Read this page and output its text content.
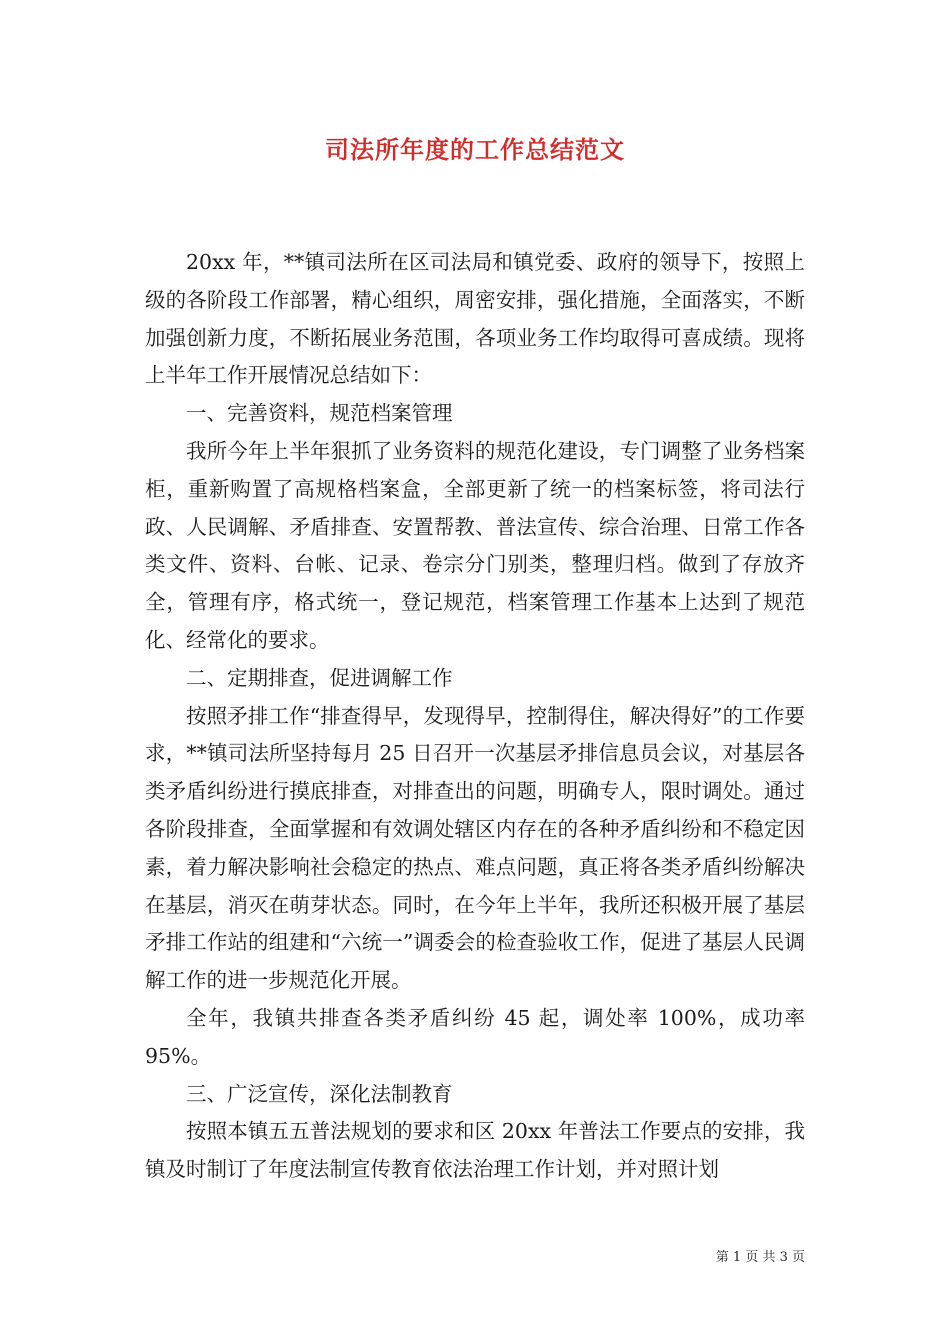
司法所年度的工作总结范文

20xx 年，**镇司法所在区司法局和镇党委、政府的领导下，按照上级的各阶段工作部署，精心组织，周密安排，强化措施，全面落实，不断加强创新力度，不断拓展业务范围，各项业务工作均取得可喜成绩。现将上半年工作开展情况总结如下：

一、完善资料，规范档案管理

我所今年上半年狠抓了业务资料的规范化建设，专门调整了业务档案柜，重新购置了高规格档案盒，全部更新了统一的档案标签，将司法行政、人民调解、矛盾排查、安置帮教、普法宣传、综合治理、日常工作各类文件、资料、台帐、记录、卷宗分门别类，整理归档。做到了存放齐全，管理有序，格式统一，登记规范，档案管理工作基本上达到了规范化、经常化的要求。

二、定期排查，促进调解工作

按照矛排工作“排查得早，发现得早，控制得住，解决得好”的工作要求，**镇司法所坚持每月 25 日召开一次基层矛排信息员会议，对基层各类矛盾纠纷进行摸底排查，对排查出的问题，明确专人，限时调处。通过各阶段排查，全面掌握和有效调处辖区内存在的各种矛盾纠纷和不稳定因素，着力解决影响社会稳定的热点、难点问题，真正将各类矛盾纠纷解决在基层，消灭在萌芽状态。同时，在今年上半年，我所还积极开展了基层矛排工作站的组建和“六统一”调委会的检查验收工作，促进了基层人民调解工作的进一步规范化开展。

全年，我镇共排查各类矛盾纠纷 45 起，调处率 100%，成功率95%。

三、广泛宣传，深化法制教育

按照本镇五五普法规划的要求和区 20xx 年普法工作要点的安排，我镇及时制订了年度法制宣传教育依法治理工作计划，并对照计划

第 1 页 共 3 页
